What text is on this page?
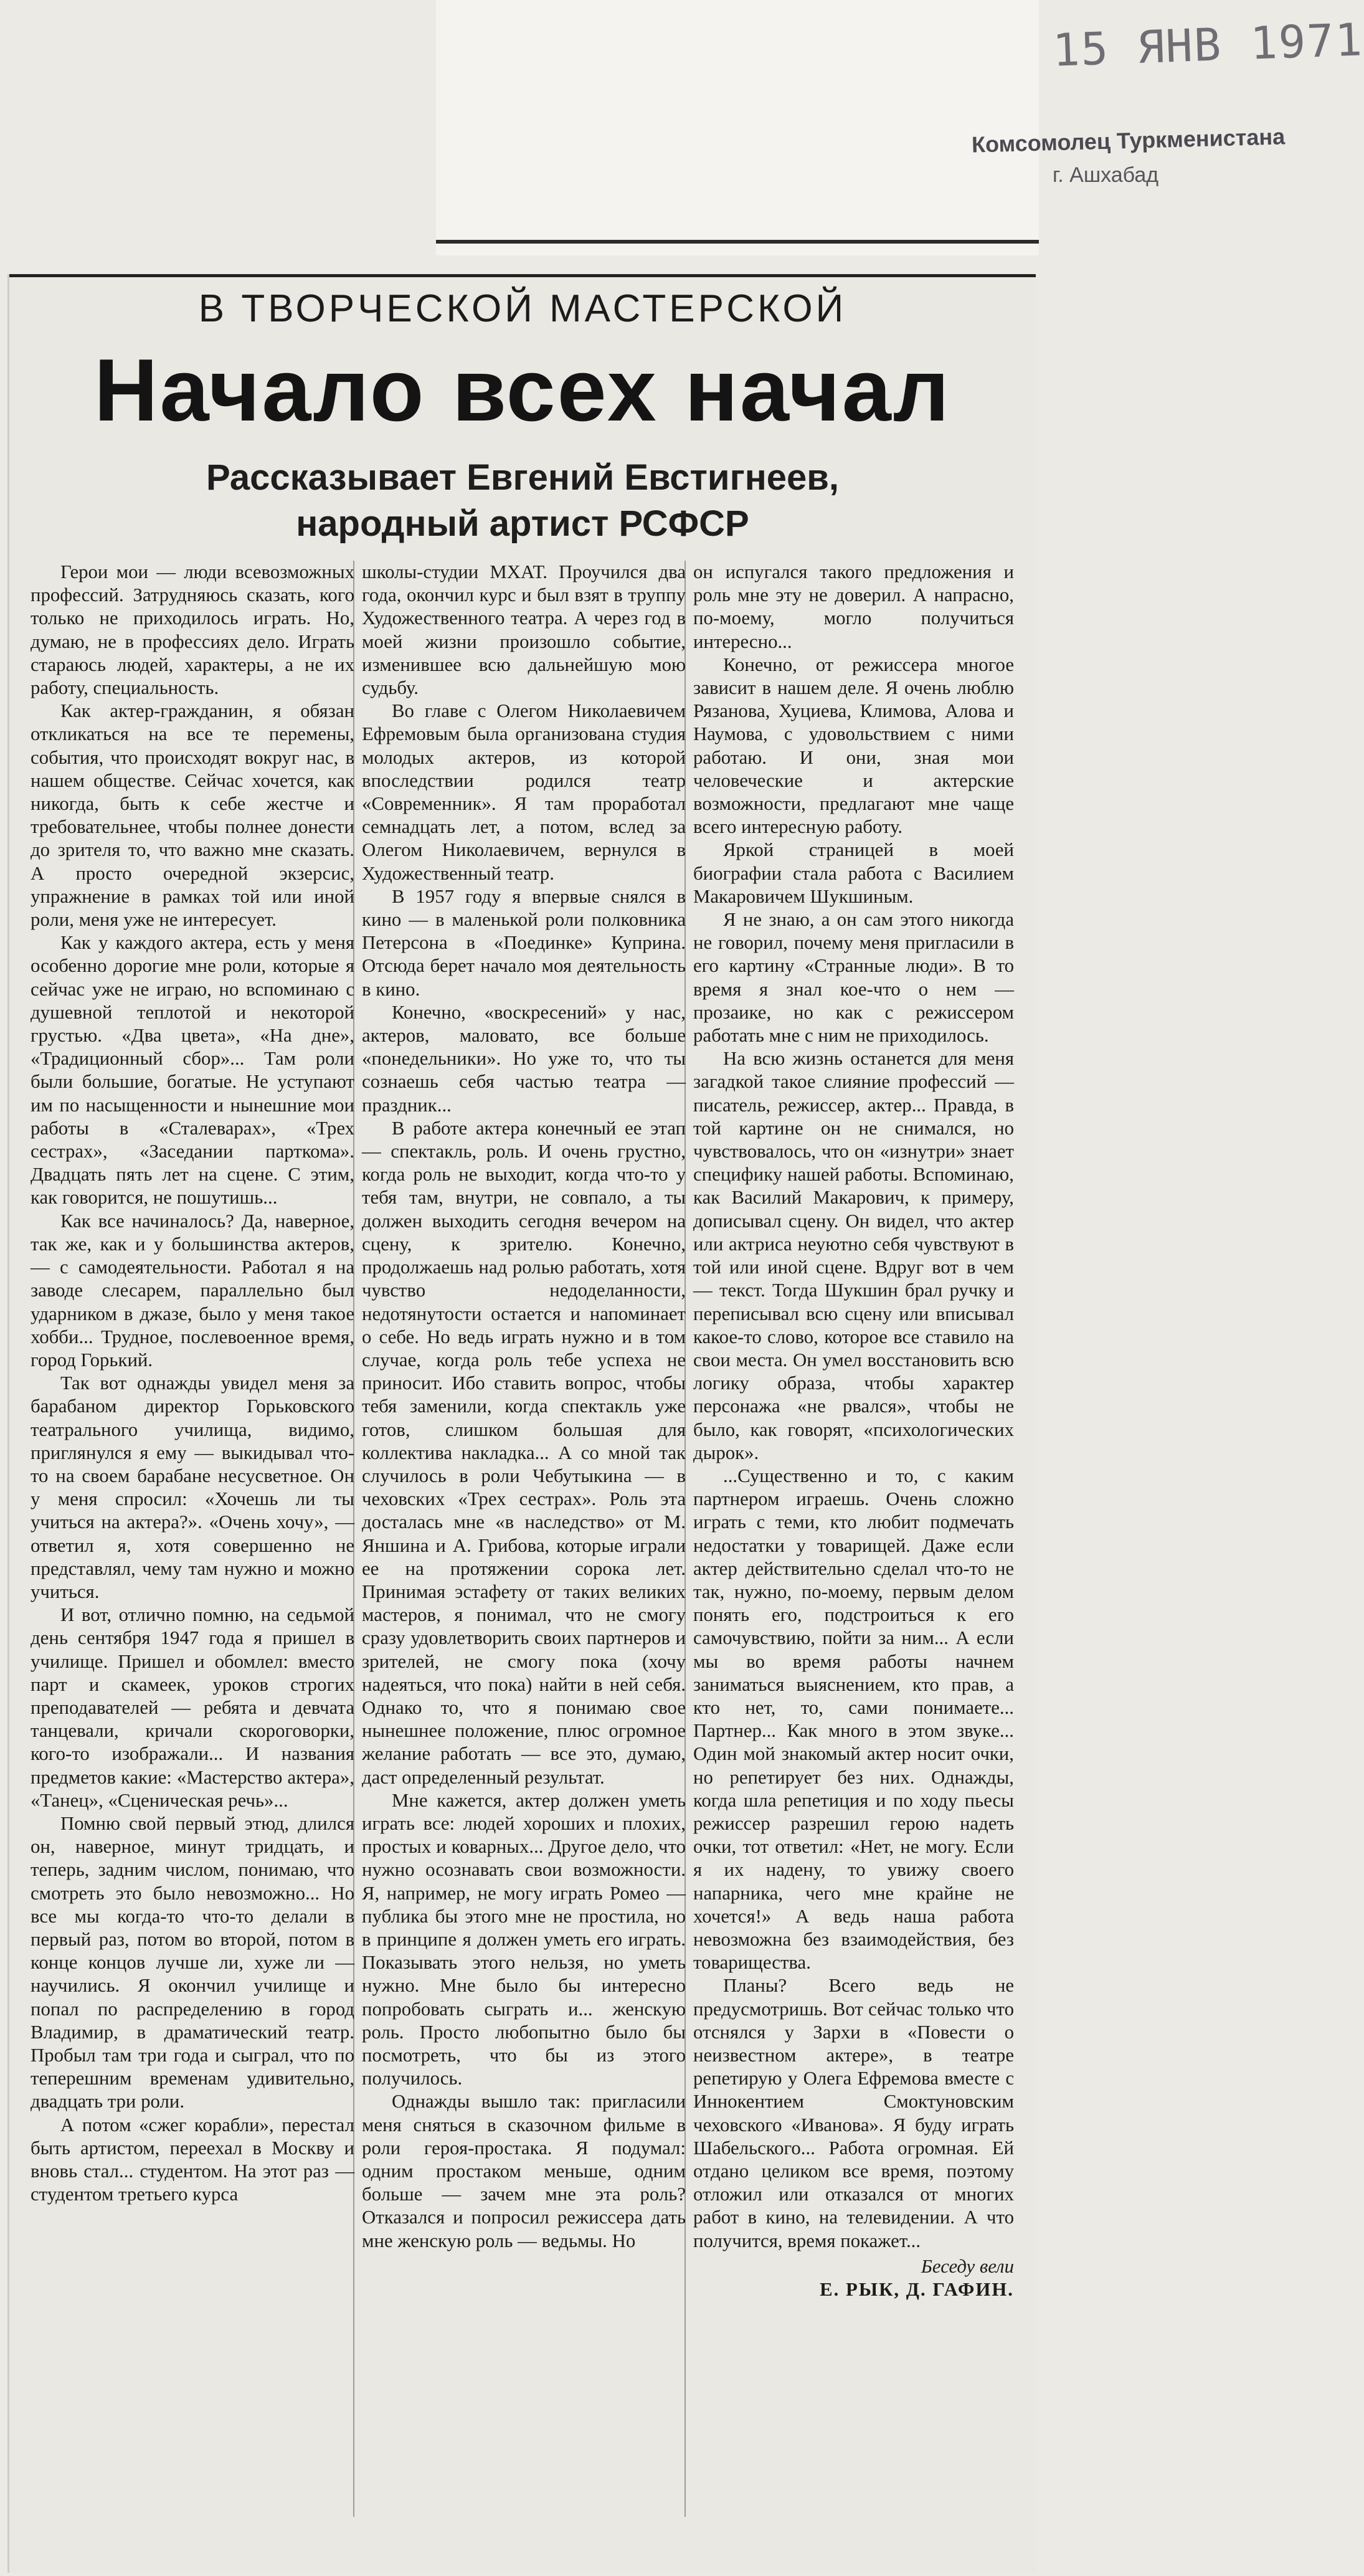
15 ЯНВ 1971
Комсомолец Туркменистана
г. Ашхабад
В ТВОРЧЕСКОЙ МАСТЕРСКОЙ
Начало всех начал
Рассказывает Евгений Евстигнеев,
народный артист РСФСР

Герои мои — люди всевозможных профессий. Затрудняюсь сказать, кого только не приходилось играть. Но, думаю, не в профессиях дело. Играть стараюсь людей, характеры, а не их работу, специальность.

Как актер-гражданин, я обязан откликаться на все те перемены, события, что происходят вокруг нас, в нашем обществе. Сейчас хочется, как никогда, быть к себе жестче и требовательнее, чтобы полнее донести до зрителя то, что важно мне сказать. А просто очередной экзерсис, упражнение в рамках той или иной роли, меня уже не интересует.

Как у каждого актера, есть у меня особенно дорогие мне роли, которые я сейчас уже не играю, но вспоминаю с душевной теплотой и некоторой грустью. «Два цвета», «На дне», «Традиционный сбор»... Там роли были большие, богатые. Не уступают им по насыщенности и нынешние мои работы в «Сталеварах», «Трех сестрах», «Заседании парткома». Двадцать пять лет на сцене. С этим, как говорится, не пошутишь...

Как все начиналось? Да, наверное, так же, как и у большинства актеров, — с самодеятельности. Работал я на заводе слесарем, параллельно был ударником в джазе, было у меня такое хобби... Трудное, послевоенное время, город Горький.

Так вот однажды увидел меня за барабаном директор Горьковского театрального училища, видимо, приглянулся я ему — выкидывал что-то на своем барабане несусветное. Он у меня спросил: «Хочешь ли ты учиться на актера?». «Очень хочу», — ответил я, хотя совершенно не представлял, чему там нужно и можно учиться.

И вот, отлично помню, на седьмой день сентября 1947 года я пришел в училище. Пришел и обомлел: вместо парт и скамеек, уроков строгих преподавателей — ребята и девчата танцевали, кричали скороговорки, кого-то изображали... И названия предметов какие: «Мастерство актера», «Танец», «Сценическая речь»...

Помню свой первый этюд, длился он, наверное, минут тридцать, и теперь, задним числом, понимаю, что смотреть это было невозможно... Но все мы когда-то что-то делали в первый раз, потом во второй, потом в конце концов лучше ли, хуже ли — научились. Я окончил училище и попал по распределению в город Владимир, в драматический театр. Пробыл там три года и сыграл, что по теперешним временам удивительно, двадцать три роли.

А потом «сжег корабли», перестал быть артистом, переехал в Москву и вновь стал... студентом. На этот раз — студентом третьего курса

школы-студии МХАТ. Проучился два года, окончил курс и был взят в труппу Художественного театра. А через год в моей жизни произошло событие, изменившее всю дальнейшую мою судьбу.

Во главе с Олегом Николаевичем Ефремовым была организована студия молодых актеров, из которой впоследствии родился театр «Современник». Я там проработал семнадцать лет, а потом, вслед за Олегом Николаевичем, вернулся в Художественный театр.

В 1957 году я впервые снялся в кино — в маленькой роли полковника Петерсона в «Поединке» Куприна. Отсюда берет начало моя деятельность в кино.

Конечно, «воскресений» у нас, актеров, маловато, все больше «понедельники». Но уже то, что ты сознаешь себя частью театра — праздник...

В работе актера конечный ее этап — спектакль, роль. И очень грустно, когда роль не выходит, когда что-то у тебя там, внутри, не совпало, а ты должен выходить сегодня вечером на сцену, к зрителю. Конечно, продолжаешь над ролью работать, хотя чувство недоделанности, недотянутости остается и напоминает о себе. Но ведь играть нужно и в том случае, когда роль тебе успеха не приносит. Ибо ставить вопрос, чтобы тебя заменили, когда спектакль уже готов, слишком большая для коллектива накладка... А со мной так случилось в роли Чебутыкина — в чеховских «Трех сестрах». Роль эта досталась мне «в наследство» от М. Яншина и А. Грибова, которые играли ее на протяжении сорока лет. Принимая эстафету от таких великих мастеров, я понимал, что не смогу сразу удовлетворить своих партнеров и зрителей, не смогу пока (хочу надеяться, что пока) найти в ней себя. Однако то, что я понимаю свое нынешнее положение, плюс огромное желание работать — все это, думаю, даст определенный результат.

Мне кажется, актер должен уметь играть все: людей хороших и плохих, простых и коварных... Другое дело, что нужно осознавать свои возможности. Я, например, не могу играть Ромео — публика бы этого мне не простила, но в принципе я должен уметь его играть. Показывать этого нельзя, но уметь нужно. Мне было бы интересно попробовать сыграть и... женскую роль. Просто любопытно было бы посмотреть, что бы из этого получилось.

Однажды вышло так: пригласили меня сняться в сказочном фильме в роли героя-простака. Я подумал: одним простаком меньше, одним больше — зачем мне эта роль? Отказался и попросил режиссера дать мне женскую роль — ведьмы. Но

он испугался такого предложения и роль мне эту не доверил. А напрасно, по-моему, могло получиться интересно...

Конечно, от режиссера многое зависит в нашем деле. Я очень люблю Рязанова, Хуциева, Климова, Алова и Наумова, с удовольствием с ними работаю. И они, зная мои человеческие и актерские возможности, предлагают мне чаще всего интересную работу.

Яркой страницей в моей биографии стала работа с Василием Макаровичем Шукшиным.

Я не знаю, а он сам этого никогда не говорил, почему меня пригласили в его картину «Странные люди». В то время я знал кое-что о нем — прозаике, но как с режиссером работать мне с ним не приходилось.

На всю жизнь останется для меня загадкой такое слияние профессий — писатель, режиссер, актер... Правда, в той картине он не снимался, но чувствовалось, что он «изнутри» знает специфику нашей работы. Вспоминаю, как Василий Макарович, к примеру, дописывал сцену. Он видел, что актер или актриса неуютно себя чувствуют в той или иной сцене. Вдруг вот в чем — текст. Тогда Шукшин брал ручку и переписывал всю сцену или вписывал какое-то слово, которое все ставило на свои места. Он умел восстановить всю логику образа, чтобы характер персонажа «не рвался», чтобы не было, как говорят, «психологических дырок».

...Существенно и то, с каким партнером играешь. Очень сложно играть с теми, кто любит подмечать недостатки у товарищей. Даже если актер действительно сделал что-то не так, нужно, по-моему, первым делом понять его, подстроиться к его самочувствию, пойти за ним... А если мы во время работы начнем заниматься выяснением, кто прав, а кто нет, то, сами понимаете... Партнер... Как много в этом звуке... Один мой знакомый актер носит очки, но репетирует без них. Однажды, когда шла репетиция и по ходу пьесы режиссер разрешил герою надеть очки, тот ответил: «Нет, не могу. Если я их надену, то увижу своего напарника, чего мне крайне не хочется!» А ведь наша работа невозможна без взаимодействия, без товарищества.

Планы? Всего ведь не предусмотришь. Вот сейчас только что отснялся у Зархи в «Повести о неизвестном актере», в театре репетирую у Олега Ефремова вместе с Иннокентием Смоктуновским чеховского «Иванова». Я буду играть Шабельского... Работа огромная. Ей отдано целиком все время, поэтому отложил или отказался от многих работ в кино, на телевидении. А что получится, время покажет...

Беседу вели

Е. РЫК, Д. ГАФИН.
